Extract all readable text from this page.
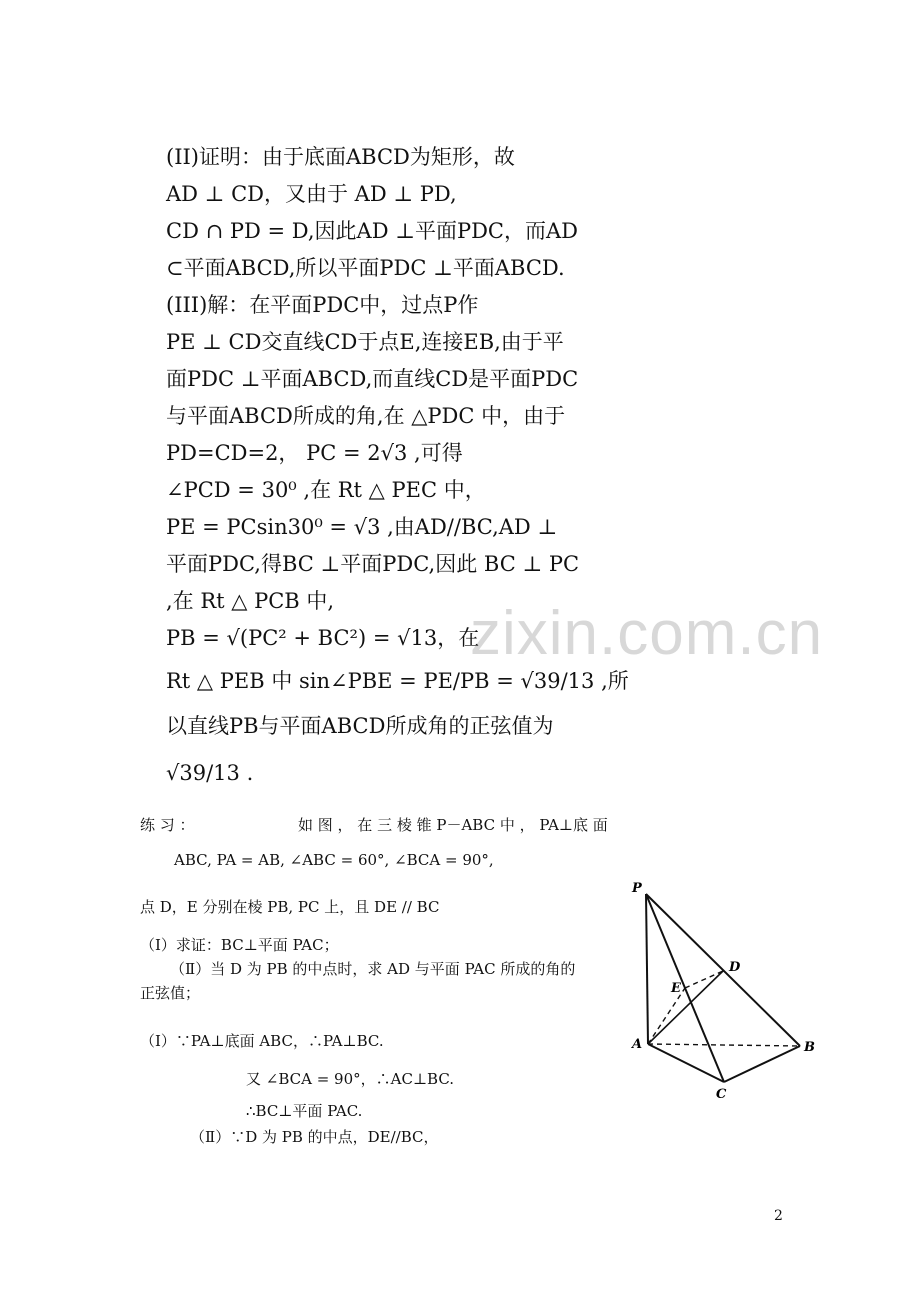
zixin.com.cn
(II)证明：由于底面ABCD为矩形，故
AD ⊥ CD，又由于 AD ⊥ PD,
CD ∩ PD = D,因此AD ⊥平面PDC，而AD
⊂平面ABCD,所以平面PDC ⊥平面ABCD.
(III)解：在平面PDC中，过点P作
PE ⊥ CD交直线CD于点E,连接EB,由于平
面PDC ⊥平面ABCD,而直线CD是平面PDC
与平面ABCD所成的角,在 △PDC 中，由于
PD=CD=2， PC = 2√3 ,可得
∠PCD = 30⁰ ,在 Rt △ PEC 中，
PE = PCsin30⁰ = √3 ,由AD//BC,AD ⊥
平面PDC,得BC ⊥平面PDC,因此 BC ⊥ PC
,在 Rt △ PCB 中,
PB = √(PC² + BC²) = √13，在
Rt △ PEB 中 sin∠PBE = PE/PB = √39/13 ,所
以直线PB与平面ABCD所成角的正弦值为
√39/13 .
练 习 ：	如 图 ， 在 三 棱 锥 P－ABC 中 ， PA⊥底 面
ABC, PA = AB, ∠ABC = 60°, ∠BCA = 90°,
点 D，E 分别在棱 PB, PC 上，且 DE // BC
（Ⅰ）求证：BC⊥平面 PAC；
（Ⅱ）当 D 为 PB 的中点时，求 AD 与平面 PAC 所成的角的
正弦值；
（Ⅰ）∵PA⊥底面 ABC，∴PA⊥BC.
又 ∠BCA = 90°，∴AC⊥BC.
∴BC⊥平面 PAC.
（Ⅱ）∵D 为 PB 的中点，DE//BC，
P
D
E
A	B
C
2
